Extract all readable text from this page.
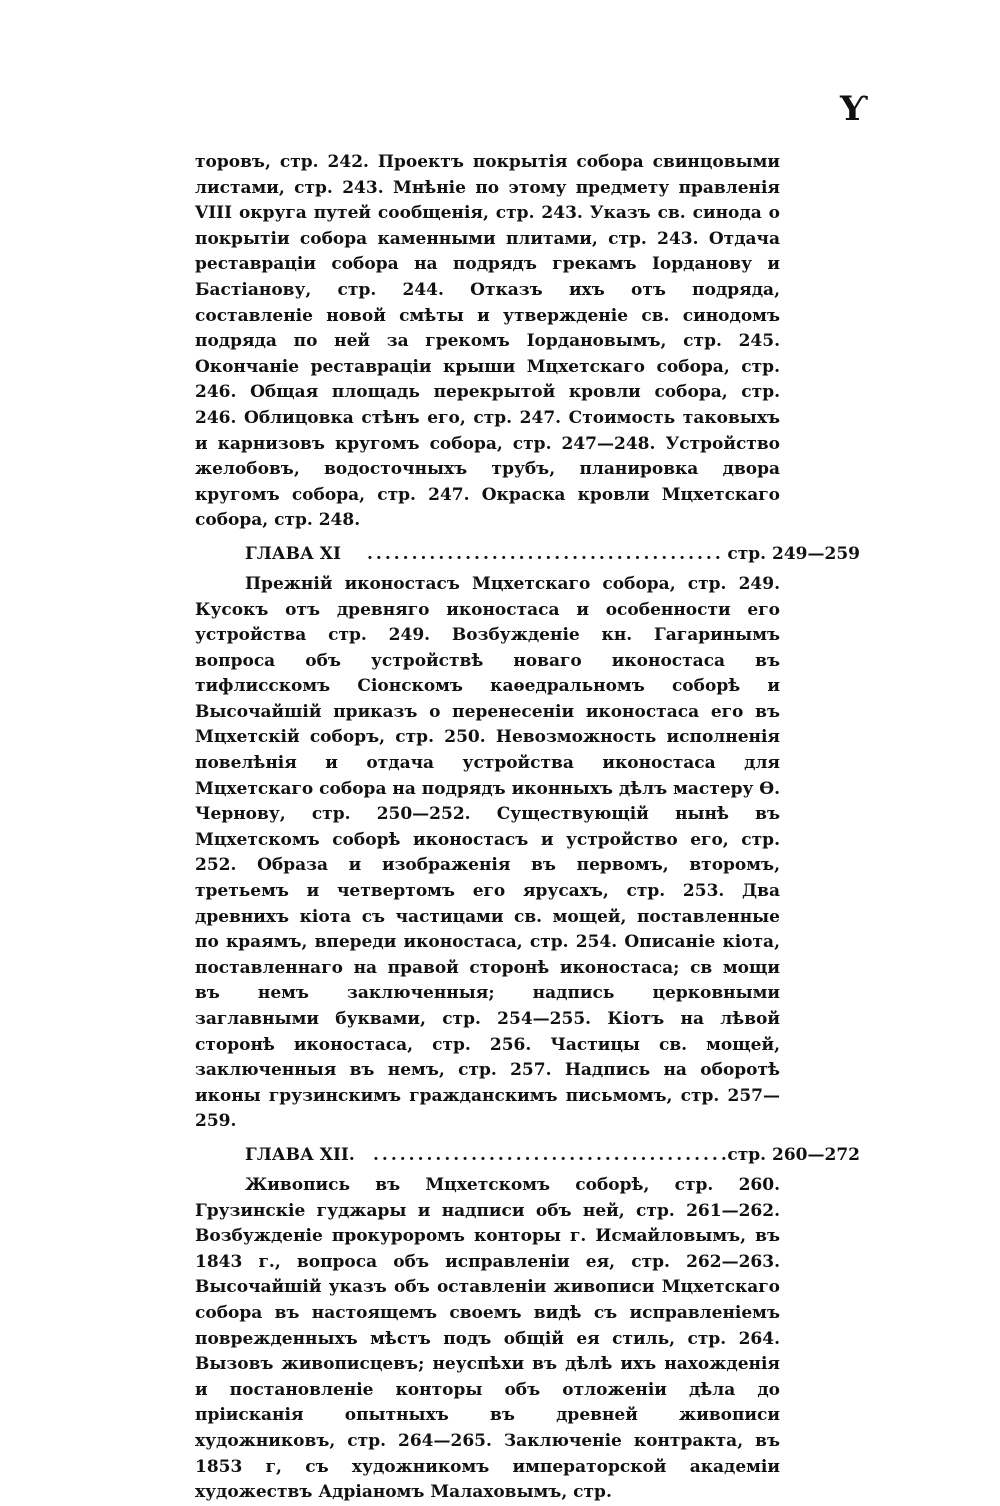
Ƴ

торовъ, стр. 242. Проектъ покрытія собора свинцовыми листами, стр. 243. Мнѣніе по этому предмету правленія VIII округа путей сообщенія, стр. 243. Указъ св. синода о покрытіи собора каменными плитами, стр. 243. Отдача реставраціи собора на подрядъ грекамъ Іорданову и Бастіанову, стр. 244. Отказъ ихъ отъ подряда, составленіе новой смѣты и утвержденіе св. синодомъ подряда по ней за грекомъ Іордановымъ, стр. 245. Окончаніе реставраціи крыши Мцхетскаго собора, стр. 246. Общая площадь перекрытой кровли собора, стр. 246. Облицовка стѣнъ его, стр. 247. Стоимость таковыхъ и карнизовъ кругомъ собора, стр. 247—248. Устройство желобовъ, водосточныхъ трубъ, планировка двора кругомъ собора, стр. 247. Окраска кровли Мцхетскаго собора, стр. 248.

ГЛАВА XI ........................................ стр. 249—259

Прежній иконостасъ Мцхетскаго собора, стр. 249. Кусокъ отъ древняго иконостаса и особенности его устройства стр. 249. Возбужденіе кн. Гагаринымъ вопроса объ устройствѣ новаго иконостаса въ тифлисскомъ Сіонскомъ каѳедральномъ соборѣ и Высочайшій приказъ о перенесеніи иконостаса его въ Мцхетскій соборъ, стр. 250. Невозможность исполненія повелѣнія и отдача устройства иконостаса для Мцхетскаго собора на подрядъ иконныхъ дѣлъ мастеру Ѳ. Чернову, стр. 250—252. Существующій нынѣ въ Мцхетскомъ соборѣ иконостасъ и устройство его, стр. 252. Образа и изображенія въ первомъ, второмъ, третьемъ и четвертомъ его ярусахъ, стр. 253. Два древнихъ кіота съ частицами св. мощей, поставленные по краямъ, впереди иконостаса, стр. 254. Описаніе кіота, поставленнаго на правой сторонѣ иконостаса; св мощи въ немъ заключенныя; надпись церковными заглавными буквами, стр. 254—255. Кіотъ на лѣвой сторонѣ иконостаса, стр. 256. Частицы св. мощей, заключенныя въ немъ, стр. 257. Надпись на оборотѣ иконы грузинскимъ гражданскимъ письмомъ, стр. 257—259.

ГЛАВА XII. ........................................
стр. 260—272

Живопись въ Мцхетскомъ соборѣ, стр. 260. Грузинскіе гуджары и надписи объ ней, стр. 261—262. Возбужденіе прокуроромъ конторы г. Исмайловымъ, въ 1843 г., вопроса объ исправленіи ея, стр. 262—263. Высочайшій указъ объ оставленіи живописи Мцхетскаго собора въ настоящемъ своемъ видѣ съ исправленіемъ поврежденныхъ мѣстъ подъ общій ея стиль, стр. 264. Вызовъ живописцевъ; неуспѣхи въ дѣлѣ ихъ нахожденія и постановленіе конторы объ отложеніи дѣла до пріисканія опытныхъ въ древней живописи художниковъ, стр. 264—265. Заключеніе контракта, въ 1853 г, съ художникомъ императорской академіи художествъ Адріаномъ Малаховымъ, стр.
